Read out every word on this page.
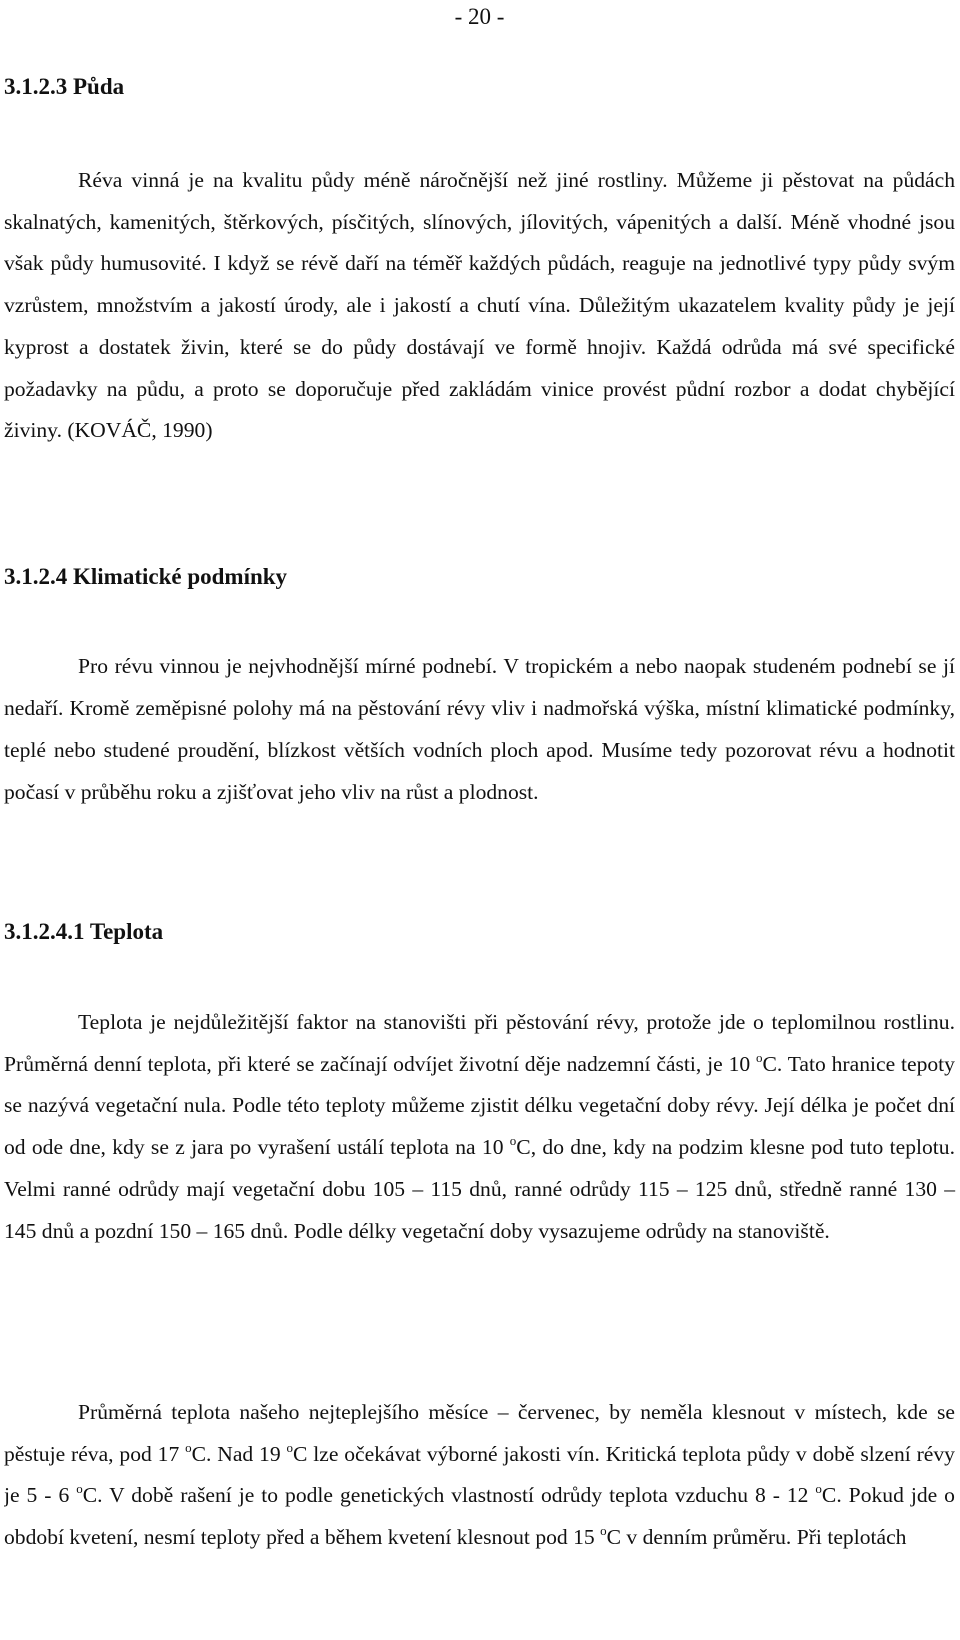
- 20 -
3.1.2.3 Půda

Réva vinná je na kvalitu půdy méně náročnější než jiné rostliny. Můžeme ji pěstovat na půdách skalnatých, kamenitých, štěrkových, písčitých, slínových, jílovitých, vápenitých a další. Méně vhodné jsou však půdy humusovité. I když se révě daří na téměř každých půdách, reaguje na jednotlivé typy půdy svým vzrůstem, množstvím a jakostí úrody, ale i jakostí a chutí vína. Důležitým ukazatelem kvality půdy je její kyprost a dostatek živin, které se do půdy dostávají ve formě hnojiv. Každá odrůda má své specifické požadavky na půdu, a proto se doporučuje před zakládám vinice provést půdní rozbor a dodat chybějící živiny. (KOVÁČ, 1990)

3.1.2.4 Klimatické podmínky

Pro révu vinnou je nejvhodnější mírné podnebí. V tropickém a nebo naopak studeném podnebí se jí nedaří. Kromě zeměpisné polohy má na pěstování révy vliv i nadmořská výška, místní klimatické podmínky, teplé nebo studené proudění, blízkost větších vodních ploch apod. Musíme tedy pozorovat révu a hodnotit počasí v průběhu roku a zjišťovat jeho vliv na růst a plodnost.

3.1.2.4.1 Teplota

Teplota je nejdůležitější faktor na stanovišti při pěstování révy, protože jde o teplomilnou rostlinu. Průměrná denní teplota, při které se začínají odvíjet životní děje nadzemní části, je 10 $^o$C. Tato hranice tepoty se nazývá vegetační nula. Podle této teploty můžeme zjistit délku vegetační doby révy. Její délka je počet dní od ode dne, kdy se z jara po vyrašení ustálí teplota na 10 $^o$C, do dne, kdy na podzim klesne pod tuto teplotu. Velmi ranné odrůdy mají vegetační dobu 105 – 115 dnů, ranné odrůdy 115 – 125 dnů, středně ranné 130 – 145 dnů a pozdní 150 – 165 dnů. Podle délky vegetační doby vysazujeme odrůdy na stanoviště.

Průměrná teplota našeho nejteplejšího měsíce – červenec, by neměla klesnout v místech, kde se pěstuje réva, pod 17 $^o$C. Nad 19 $^o$C lze očekávat výborné jakosti vín. Kritická teplota půdy v době slzení révy je 5 - 6 $^o$C. V době rašení je to podle genetických vlastností odrůdy teplota vzduchu 8 - 12 $^o$C. Pokud jde o období kvetení, nesmí teploty před a během kvetení klesnout pod 15 $^o$C v denním průměru. Při teplotách
